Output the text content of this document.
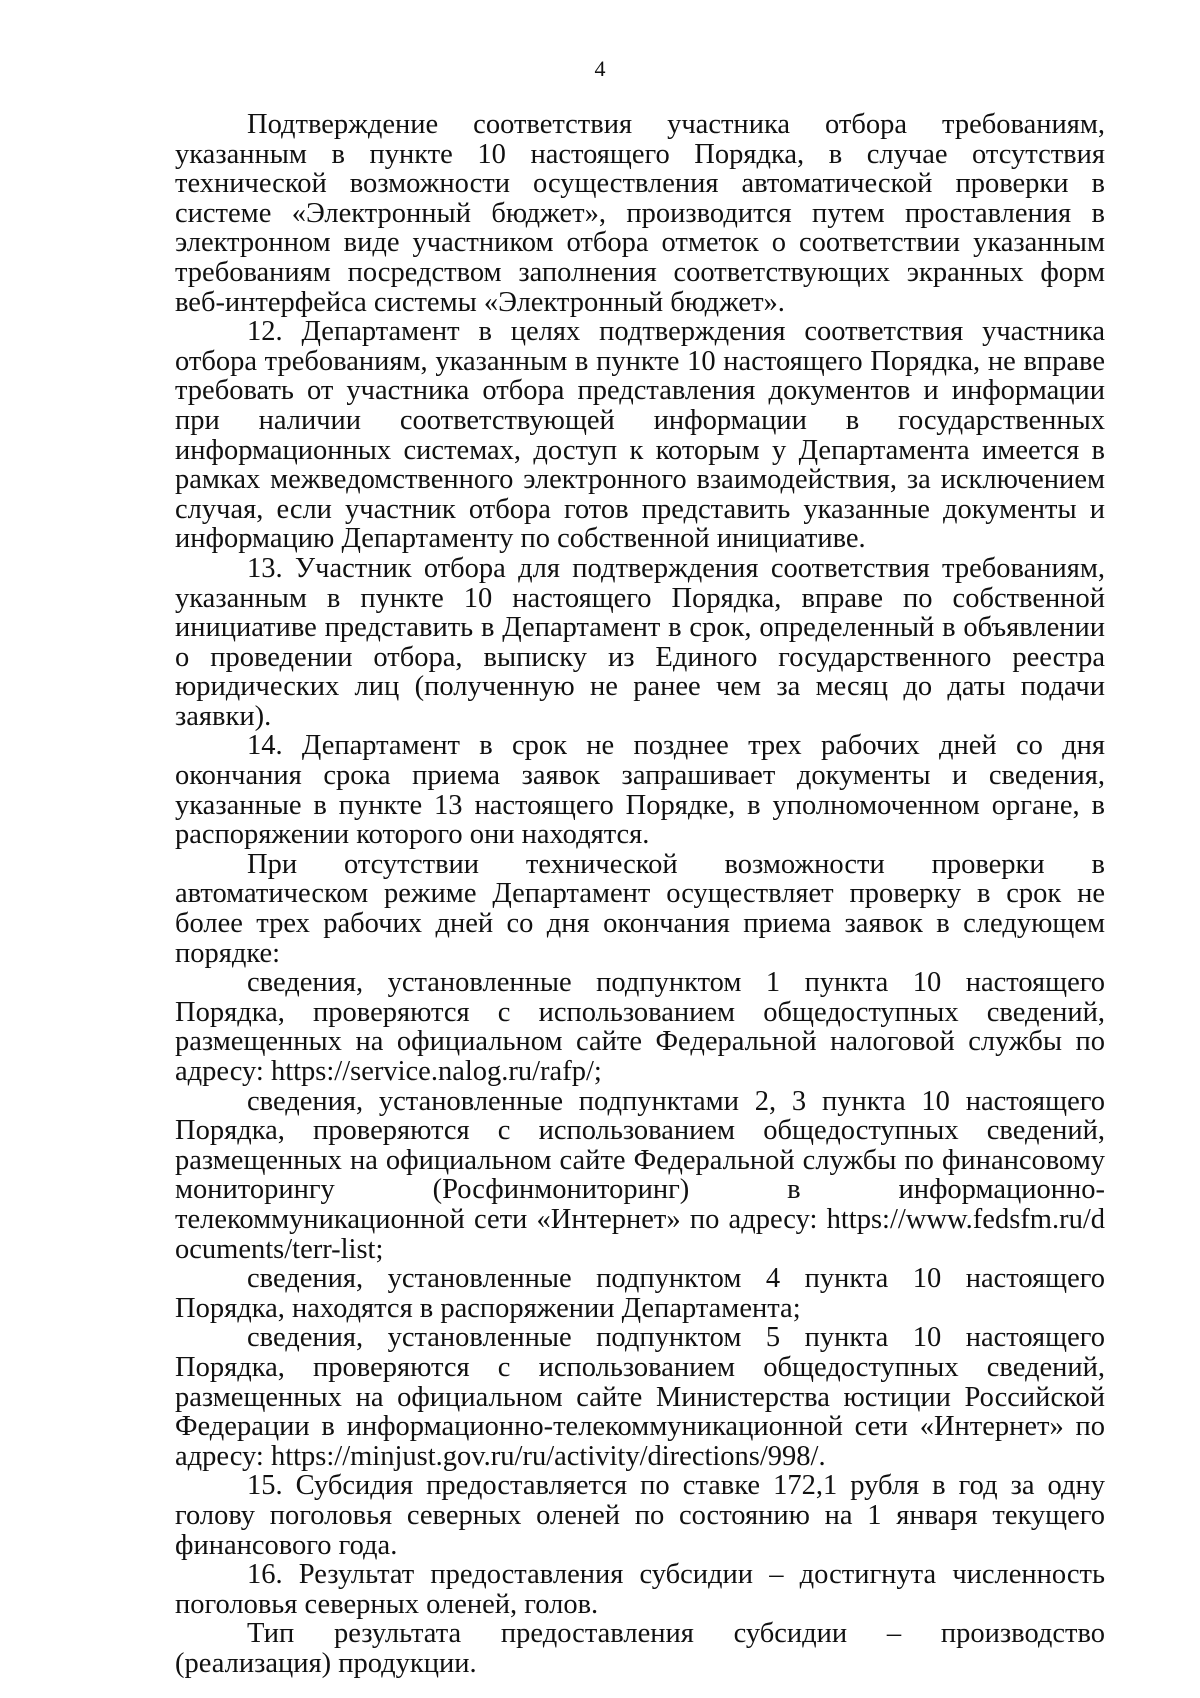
4

Подтверждение соответствия участника отбора требованиям, указанным в пункте 10 настоящего Порядка, в случае отсутствия технической возможности осуществления автоматической проверки в системе «Электронный бюджет», производится путем проставления в электронном виде участником отбора отметок о соответствии указанным требованиям посредством заполнения соответствующих экранных форм веб-интерфейса системы «Электронный бюджет».

12. Департамент в целях подтверждения соответствия участника отбора требованиям, указанным в пункте 10 настоящего Порядка, не вправе требовать от участника отбора представления документов и информации при наличии соответствующей информации в государственных информационных системах, доступ к которым у Департамента имеется в рамках межведомственного электронного взаимодействия, за исключением случая, если участник отбора готов представить указанные документы и информацию Департаменту по собственной инициативе.

13. Участник отбора для подтверждения соответствия требованиям, указанным в пункте 10 настоящего Порядка, вправе по собственной инициативе представить в Департамент в срок, определенный в объявлении о проведении отбора, выписку из Единого государственного реестра юридических лиц (полученную не ранее чем за месяц до даты подачи заявки).

14. Департамент в срок не позднее трех рабочих дней со дня окончания срока приема заявок запрашивает документы и сведения, указанные в пункте 13 настоящего Порядке, в уполномоченном органе, в распоряжении которого они находятся.

При отсутствии технической возможности проверки в автоматическом режиме Департамент осуществляет проверку в срок не более трех рабочих дней со дня окончания приема заявок в следующем порядке:

сведения, установленные подпунктом 1 пункта 10 настоящего Порядка, проверяются с использованием общедоступных сведений, размещенных на официальном сайте Федеральной налоговой службы по адресу: https://service.nalog.ru/rafp/;

сведения, установленные подпунктами 2, 3 пункта 10 настоящего Порядка, проверяются с использованием общедоступных сведений, размещенных на официальном сайте Федеральной службы по финансовому мониторингу (Росфинмониторинг) в информационно-телекоммуникационной сети «Интернет» по адресу: https://www.fedsfm.ru/documents/terr-list;

сведения, установленные подпунктом 4 пункта 10 настоящего Порядка, находятся в распоряжении Департамента;

сведения, установленные подпунктом 5 пункта 10 настоящего Порядка, проверяются с использованием общедоступных сведений, размещенных на официальном сайте Министерства юстиции Российской Федерации в информационно-телекоммуникационной сети «Интернет» по адресу: https://minjust.gov.ru/ru/activity/directions/998/.

15. Субсидия предоставляется по ставке 172,1 рубля в год за одну голову поголовья северных оленей по состоянию на 1 января текущего финансового года.

16. Результат предоставления субсидии – достигнута численность поголовья северных оленей, голов.

Тип результата предоставления субсидии – производство (реализация) продукции.
